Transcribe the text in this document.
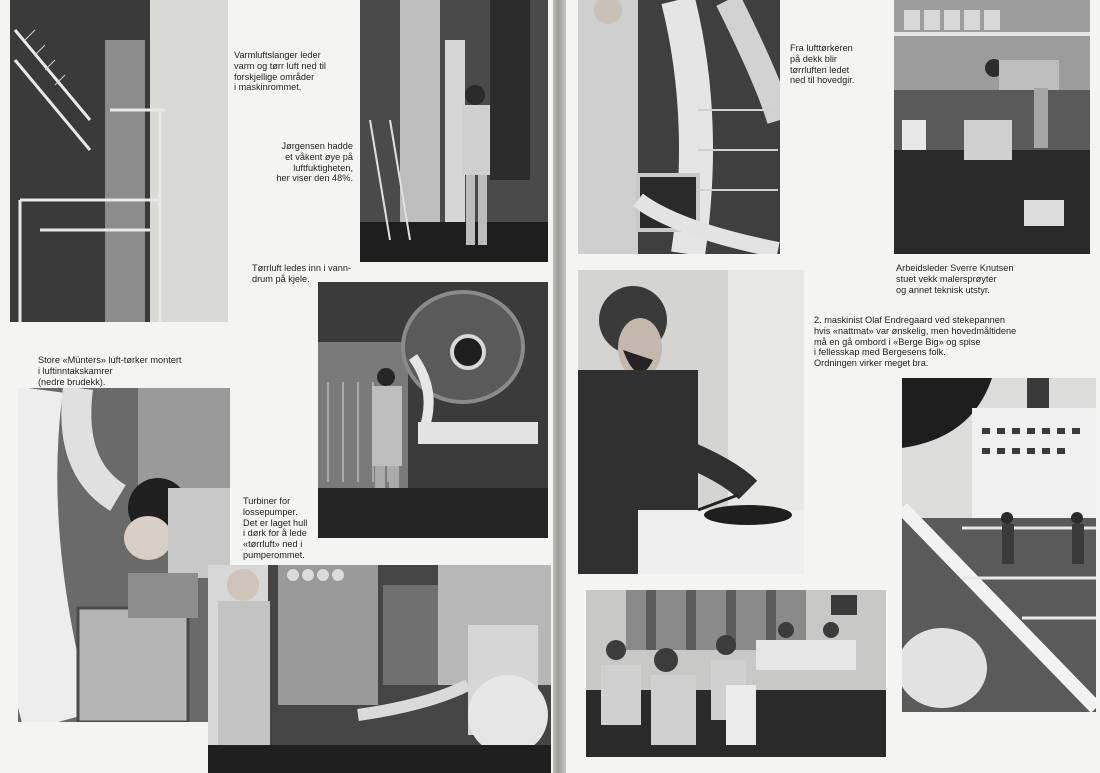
Varmluftslanger leder
varm og tørr luft ned til
forskjellige områder
i maskinrommet.

Jørgensen hadde
et våkent øye på
luftfuktigheten,
her viser den 48%.

Tørrluft ledes inn i vann-
drum på kjele.

Store «Münters» luft-tørker montert
i luftinntakskamrer
(nedre brudekk).

Turbiner for
lossepumper.
Det er laget hull
i dørk for å lede
«tørrluft» ned i
pumperommet.

Fra lufttørkeren
på dekk blir
tørrluften ledet
ned til hovedgir.

Arbeidsleder Sverre Knutsen
stuet vekk malersprøyter
og annet teknisk utstyr.

2. maskinist Olaf Endregaard ved stekepannen
hvis «nattmat» var ønskelig, men hovedmåltidene
må en gå ombord i «Berge Big» og spise
i fellesskap med Bergesens folk.
Ordningen virker meget bra.
